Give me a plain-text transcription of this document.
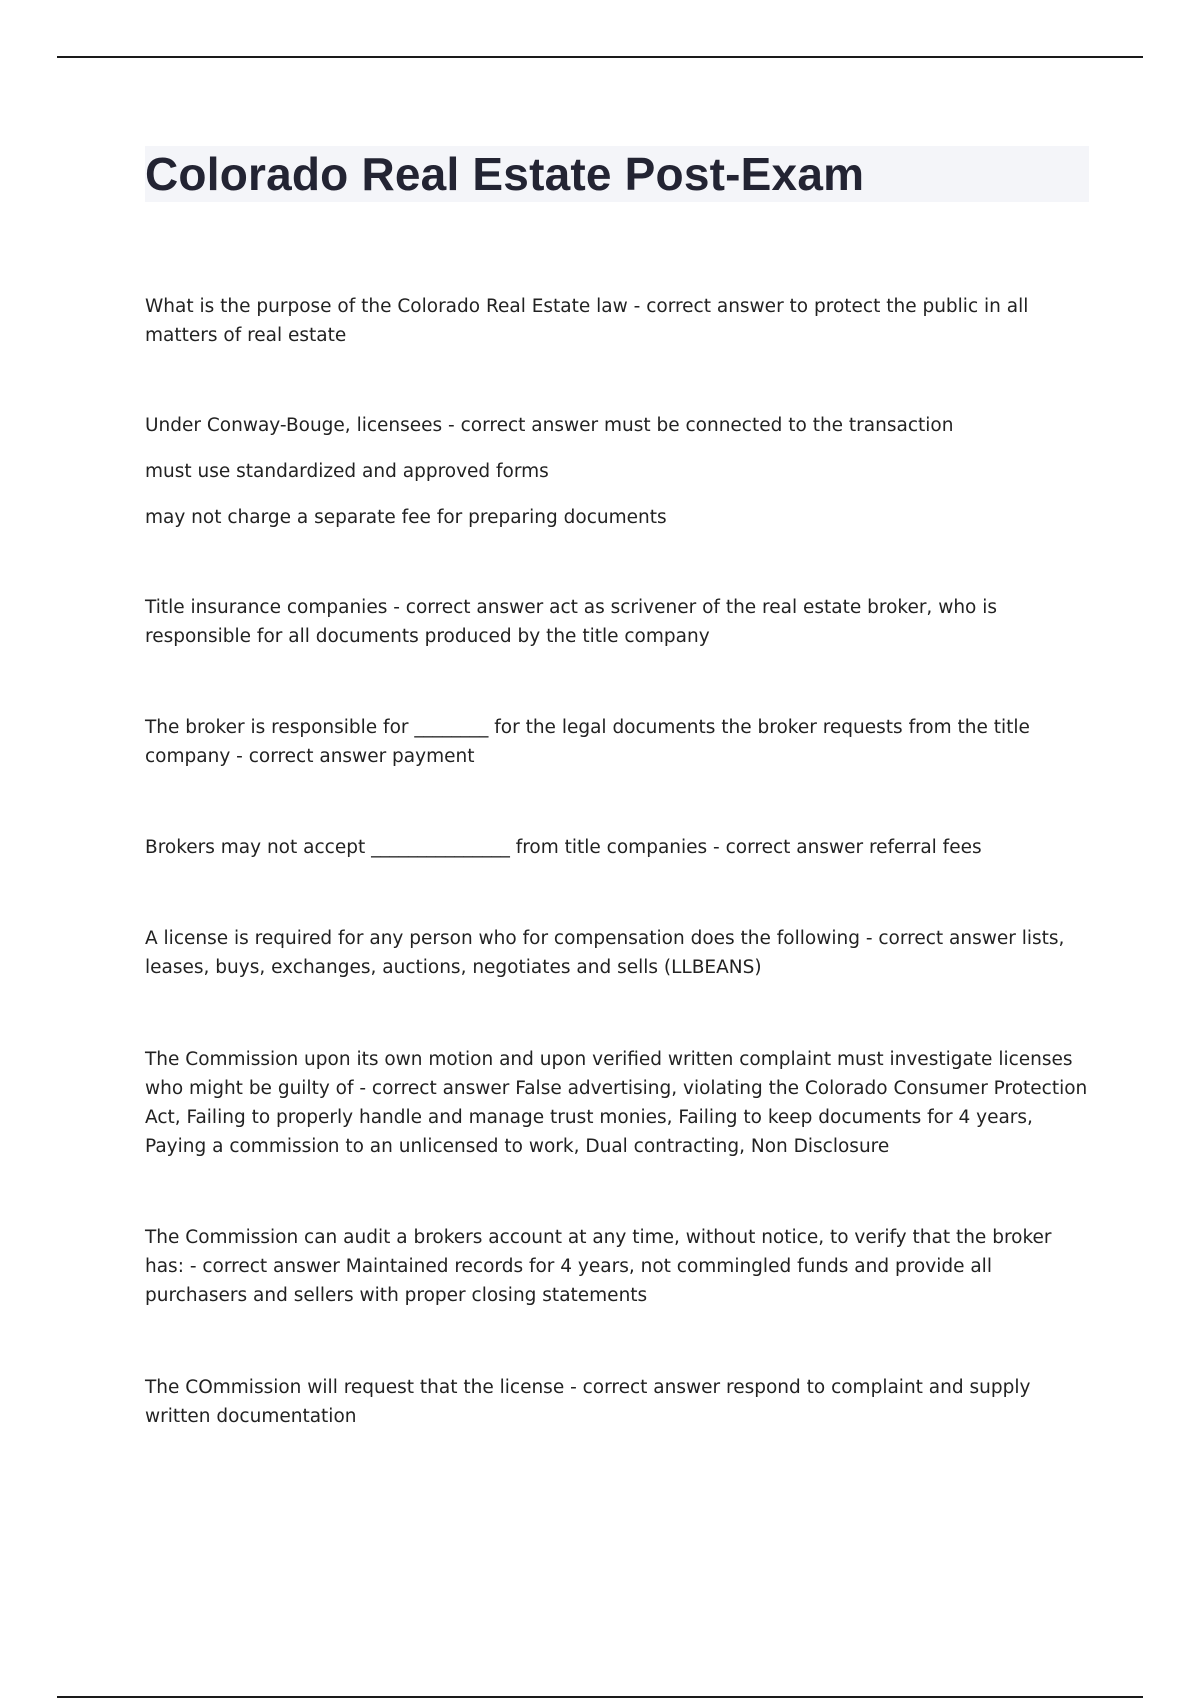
Colorado Real Estate Post-Exam

What is the purpose of the Colorado Real Estate law - correct answer to protect the public in all matters of real estate

Under Conway-Bouge, licensees - correct answer must be connected to the transaction

must use standardized and approved forms

may not charge a separate fee for preparing documents

Title insurance companies - correct answer act as scrivener of the real estate broker, who is responsible for all documents produced by the title company

The broker is responsible for ________ for the legal documents the broker requests from the title company - correct answer payment

Brokers may not accept _______________ from title companies - correct answer referral fees

A license is required for any person who for compensation does the following - correct answer lists, leases, buys, exchanges, auctions, negotiates and sells (LLBEANS)

The Commission upon its own motion and upon verified written complaint must investigate licenses who might be guilty of - correct answer False advertising, violating the Colorado Consumer Protection Act, Failing to properly handle and manage trust monies, Failing to keep documents for 4 years, Paying a commission to an unlicensed to work, Dual contracting, Non Disclosure

The Commission can audit a brokers account at any time, without notice, to verify that the broker has: - correct answer Maintained records for 4 years, not commingled funds and provide all purchasers and sellers with proper closing statements

The COmmission will request that the license - correct answer respond to complaint and supply written documentation
